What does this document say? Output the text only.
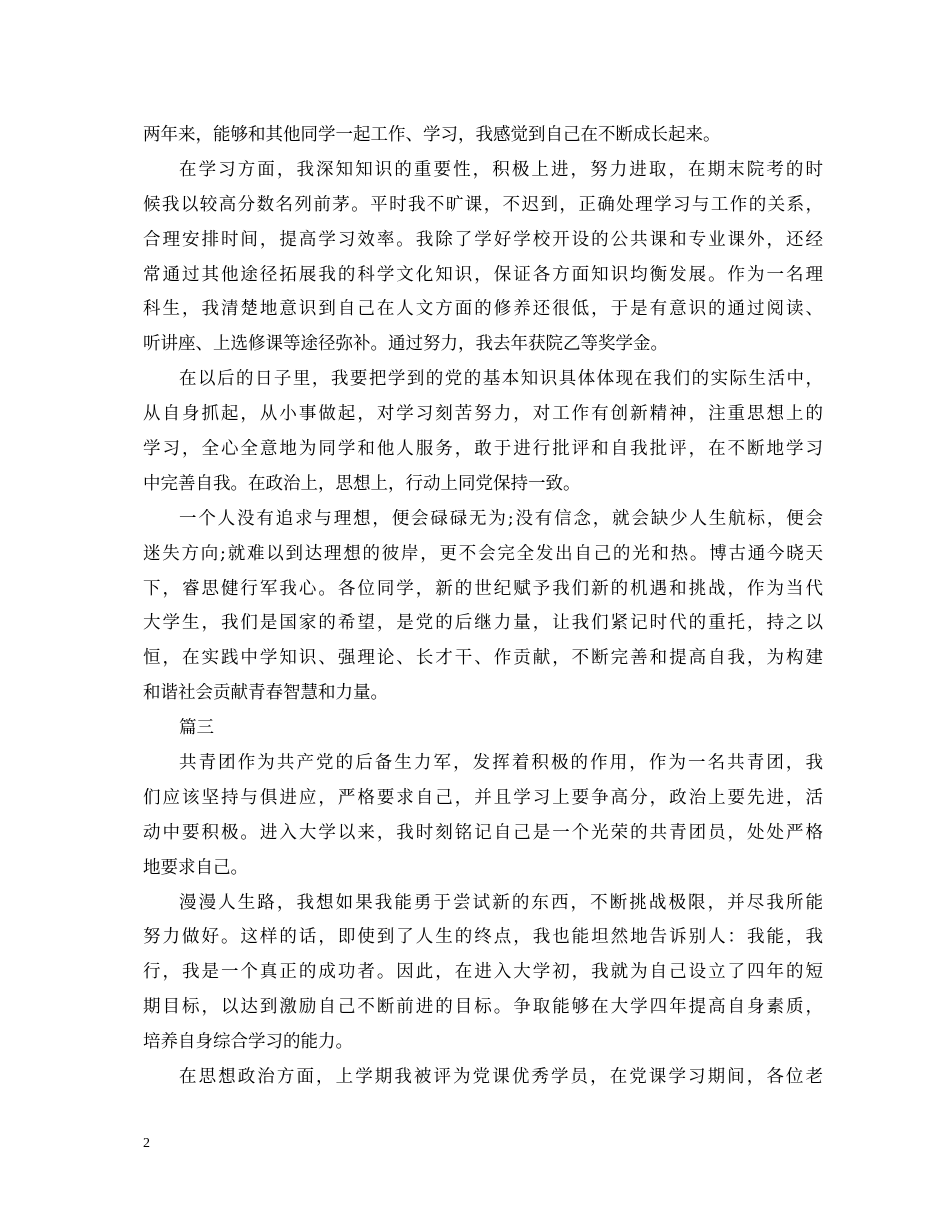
两年来，能够和其他同学一起工作、学习，我感觉到自己在不断成长起来。
在学习方面，我深知知识的重要性，积极上进，努力进取，在期末院考的时
候我以较高分数名列前茅。平时我不旷课，不迟到，正确处理学习与工作的关系，
合理安排时间，提高学习效率。我除了学好学校开设的公共课和专业课外，还经
常通过其他途径拓展我的科学文化知识，保证各方面知识均衡发展。作为一名理
科生，我清楚地意识到自己在人文方面的修养还很低，于是有意识的通过阅读、
听讲座、上选修课等途径弥补。通过努力，我去年获院乙等奖学金。
在以后的日子里，我要把学到的党的基本知识具体体现在我们的实际生活中，
从自身抓起，从小事做起，对学习刻苦努力，对工作有创新精神，注重思想上的
学习，全心全意地为同学和他人服务，敢于进行批评和自我批评，在不断地学习
中完善自我。在政治上，思想上，行动上同党保持一致。
一个人没有追求与理想，便会碌碌无为;没有信念，就会缺少人生航标，便会
迷失方向;就难以到达理想的彼岸，更不会完全发出自己的光和热。博古通今晓天
下，睿思健行军我心。各位同学，新的世纪赋予我们新的机遇和挑战，作为当代
大学生，我们是国家的希望，是党的后继力量，让我们紧记时代的重托，持之以
恒，在实践中学知识、强理论、长才干、作贡献，不断完善和提高自我，为构建
和谐社会贡献青春智慧和力量。
篇三
共青团作为共产党的后备生力军，发挥着积极的作用，作为一名共青团，我
们应该坚持与俱进应，严格要求自己，并且学习上要争高分，政治上要先进，活
动中要积极。进入大学以来，我时刻铭记自己是一个光荣的共青团员，处处严格
地要求自己。
漫漫人生路，我想如果我能勇于尝试新的东西，不断挑战极限，并尽我所能
努力做好。这样的话，即使到了人生的终点，我也能坦然地告诉别人：我能，我
行，我是一个真正的成功者。因此，在进入大学初，我就为自己设立了四年的短
期目标，以达到激励自己不断前进的目标。争取能够在大学四年提高自身素质，
培养自身综合学习的能力。
在思想政治方面，上学期我被评为党课优秀学员，在党课学习期间，各位老
2
